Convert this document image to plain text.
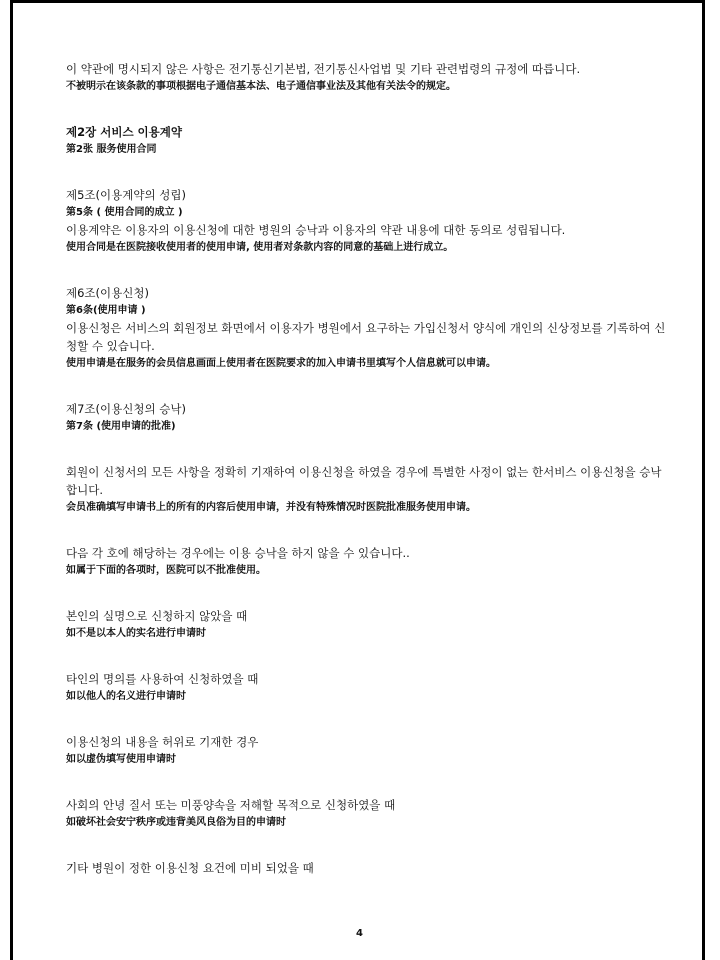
이 약관에 명시되지 않은 사항은 전기통신기본법, 전기통신사업법 및 기타 관련법령의 규정에 따릅니다.
不被明示在该条款的事项根据电子通信基本法、电子通信事业法及其他有关法令的规定。
제2장 서비스 이용계약
第2张 服务使用合同
제5조(이용계약의 성립)
第5条 ( 使用合同的成立 )
이용계약은 이용자의 이용신청에 대한 병원의 승낙과 이용자의 약관 내용에 대한 동의로 성립됩니다.
使用合同是在医院接收使用者的使用申请, 使用者对条款内容的同意的基础上进行成立。
제6조(이용신청)
第6条(使用申请 )
이용신청은 서비스의 회원정보 화면에서 이용자가 병원에서 요구하는 가입신청서 양식에 개인의 신상정보를 기록하여 신청할 수 있습니다.
使用申请是在服务的会员信息画面上使用者在医院要求的加入申请书里填写个人信息就可以申请。
제7조(이용신청의 승낙)
第7条 (使用申请的批准)
회원이 신청서의 모든 사항을 정확히 기재하여 이용신청을 하였을 경우에 특별한 사정이 없는 한서비스 이용신청을 승낙합니다.
会员准确填写申请书上的所有的内容后使用申请，并没有特殊情况时医院批准服务使用申请。
다음 각 호에 해당하는 경우에는 이용 승낙을 하지 않을 수 있습니다..
如属于下面的各项时，医院可以不批准使用。
본인의 실명으로 신청하지 않았을 때
如不是以本人的实名进行申请时
타인의 명의를 사용하여 신청하였을 때
如以他人的名义进行申请时
이용신청의 내용을 허위로 기재한 경우
如以虚伪填写使用申请时
사회의 안녕 질서 또는 미풍양속을 저해할 목적으로 신청하였을 때
如破坏社会安宁秩序或违背美风良俗为目的申请时
기타 병원이 정한 이용신청 요건에 미비 되었을 때
4
